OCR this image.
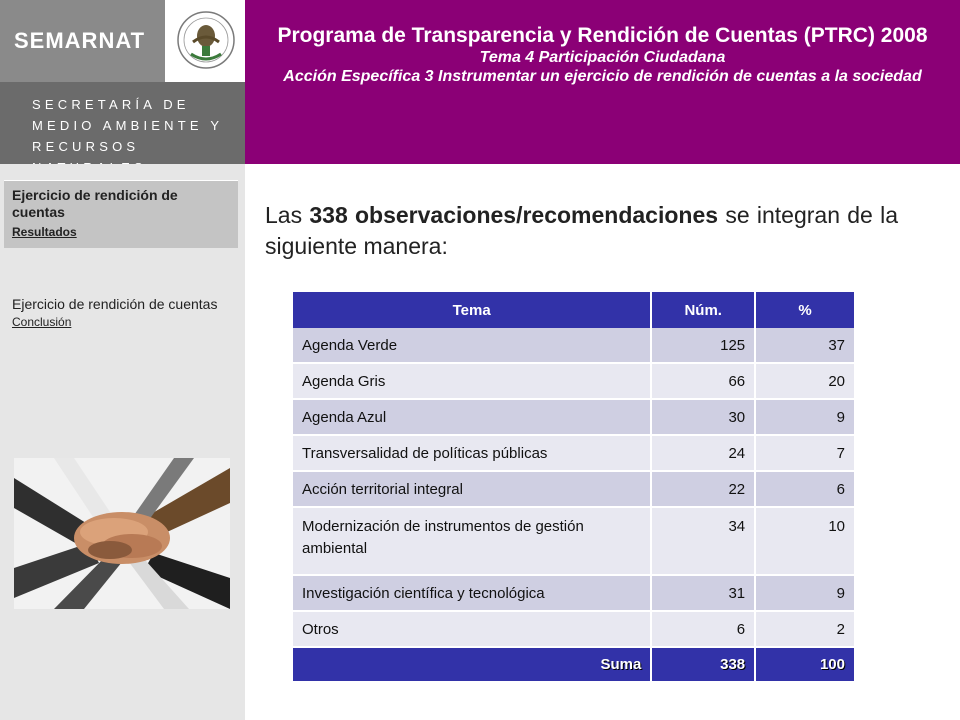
SEMARNAT
SECRETARÍA DE
MEDIO AMBIENTE Y
RECURSOS
Programa de Transparencia y Rendición de Cuentas (PTRC) 2008
Tema 4 Participación Ciudadana
Acción Específica 3 Instrumentar un ejercicio de rendición de cuentas a la sociedad
Ejercicio de rendición de cuentas
Resultados
Ejercicio de rendición de cuentas
Conclusión
Las 338 observaciones/recomendaciones se integran de la siguiente manera:
Tema	Núm.	%
Agenda Verde	125	37
Agenda Gris	66	20
Agenda Azul	30	9
Transversalidad de políticas públicas	24	7
Acción territorial integral	22	6
Modernización de instrumentos de gestión ambiental	34	10
Investigación científica y tecnológica	31	9
Otros	6	2
Suma	338	100
